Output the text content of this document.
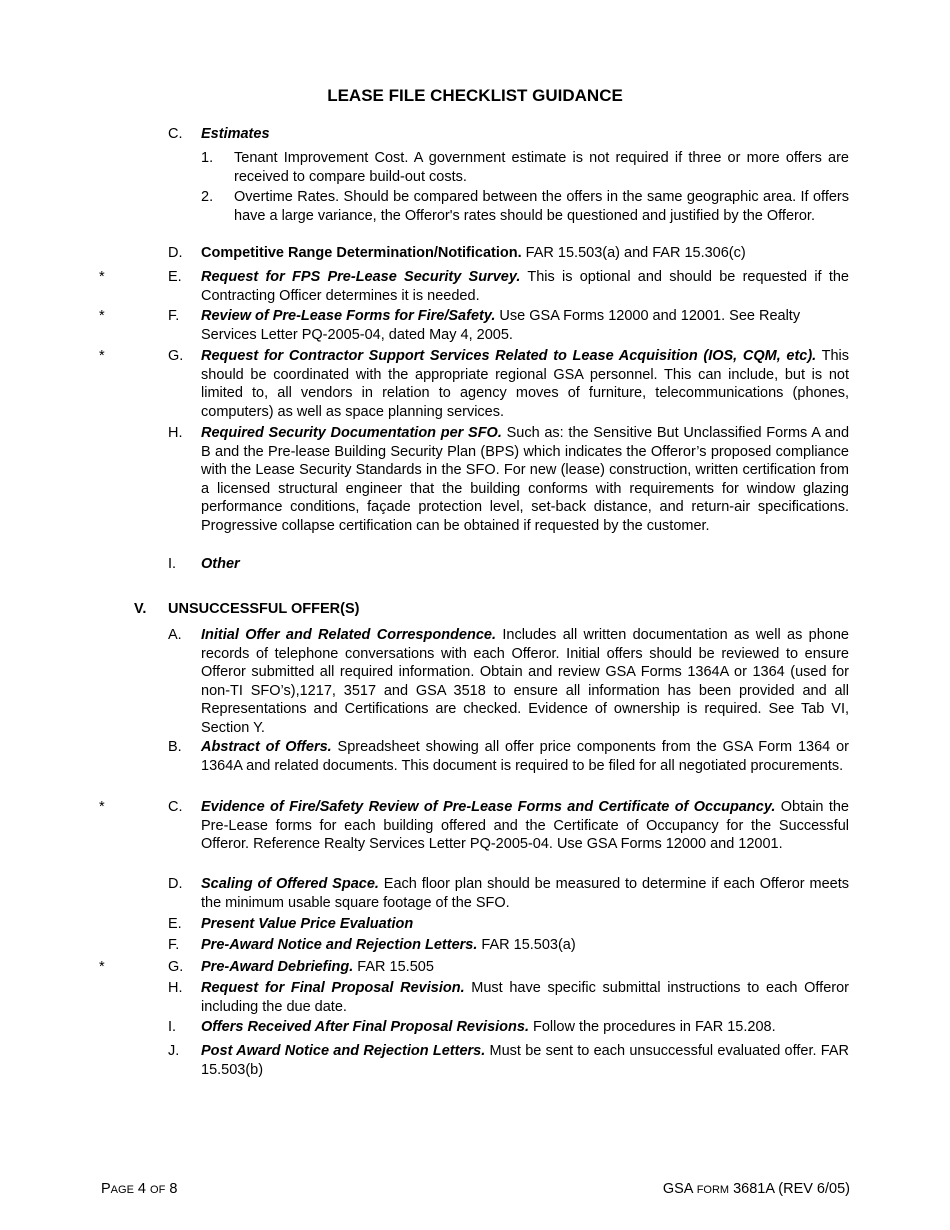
LEASE FILE CHECKLIST GUIDANCE
C. Estimates
1. Tenant Improvement Cost. A government estimate is not required if three or more offers are received to compare build-out costs.
2. Overtime Rates. Should be compared between the offers in the same geographic area. If offers have a large variance, the Offeror's rates should be questioned and justified by the Offeror.
D. Competitive Range Determination/Notification. FAR 15.503(a) and FAR 15.306(c)
*	E. Request for FPS Pre-Lease Security Survey. This is optional and should be requested if the Contracting Officer determines it is needed.
*	F. Review of Pre-Lease Forms for Fire/Safety. Use GSA Forms 12000 and 12001. See Realty Services Letter PQ-2005-04, dated May 4, 2005.
*	G. Request for Contractor Support Services Related to Lease Acquisition (IOS, CQM, etc). This should be coordinated with the appropriate regional GSA personnel. This can include, but is not limited to, all vendors in relation to agency moves of furniture, telecommunications (phones, computers) as well as space planning services.
H. Required Security Documentation per SFO. Such as: the Sensitive But Unclassified Forms A and B and the Pre-lease Building Security Plan (BPS) which indicates the Offeror’s proposed compliance with the Lease Security Standards in the SFO. For new (lease) construction, written certification from a licensed structural engineer that the building conforms with requirements for window glazing performance conditions, façade protection level, set-back distance, and return-air specifications. Progressive collapse certification can be obtained if requested by the customer.
I. Other
V. UNSUCCESSFUL OFFER(S)
A. Initial Offer and Related Correspondence. Includes all written documentation as well as phone records of telephone conversations with each Offeror. Initial offers should be reviewed to ensure Offeror submitted all required information. Obtain and review GSA Forms 1364A or 1364 (used for non-TI SFO’s),1217, 3517 and GSA 3518 to ensure all information has been provided and all Representations and Certifications are checked. Evidence of ownership is required. See Tab VI, Section Y.
B. Abstract of Offers. Spreadsheet showing all offer price components from the GSA Form 1364 or 1364A and related documents. This document is required to be filed for all negotiated procurements.
*	C. Evidence of Fire/Safety Review of Pre-Lease Forms and Certificate of Occupancy. Obtain the Pre-Lease forms for each building offered and the Certificate of Occupancy for the Successful Offeror. Reference Realty Services Letter PQ-2005-04. Use GSA Forms 12000 and 12001.
D. Scaling of Offered Space. Each floor plan should be measured to determine if each Offeror meets the minimum usable square footage of the SFO.
E. Present Value Price Evaluation
F. Pre-Award Notice and Rejection Letters. FAR 15.503(a)
*	G. Pre-Award Debriefing. FAR 15.505
H. Request for Final Proposal Revision. Must have specific submittal instructions to each Offeror including the due date.
I. Offers Received After Final Proposal Revisions. Follow the procedures in FAR 15.208.
J. Post Award Notice and Rejection Letters. Must be sent to each unsuccessful evaluated offer. FAR 15.503(b)
PAGE 4 OF 8	GSA FORM 3681A (REV 6/05)
